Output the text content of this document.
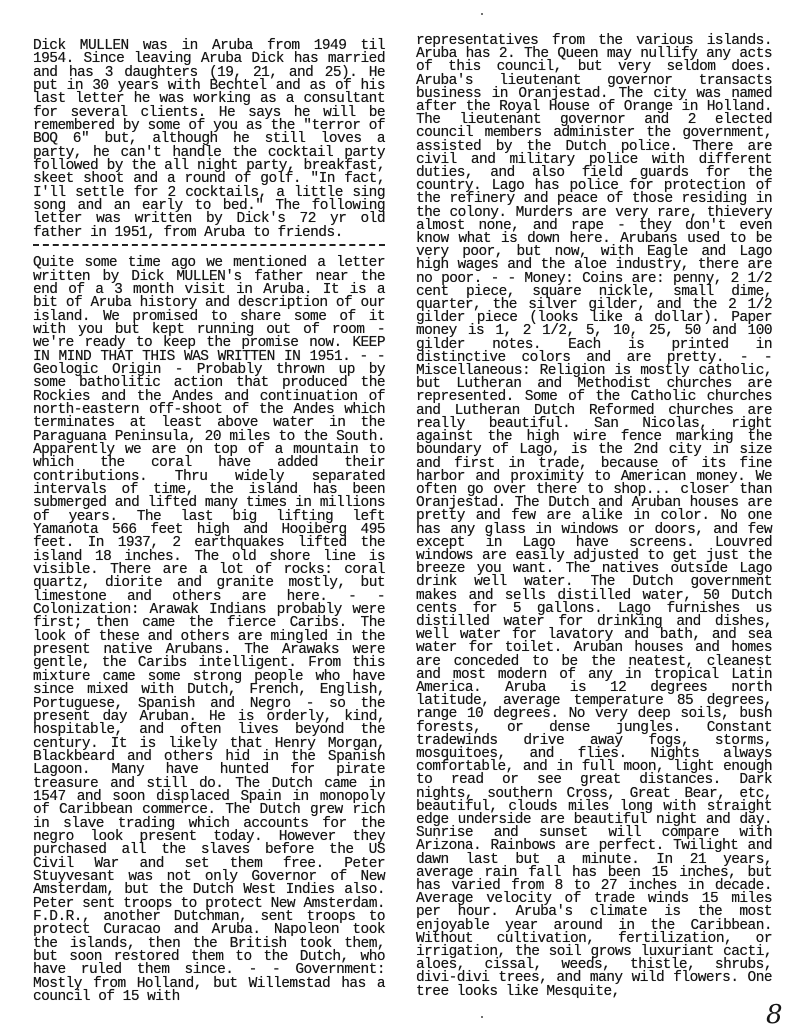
Dick MULLEN was in Aruba from 1949 til 1954. Since leaving Aruba Dick has married and has 3 daughters (19, 21, and 25). He put in 30 years with Bechtel and as of his last letter he was working as a consultant for several clients. He says he will be remembered by some of you as the "terror of BOQ 6" but, although he still loves a party, he can't handle the cocktail party followed by the all night party, breakfast, skeet shoot and a round of golf. "In fact, I'll settle for 2 cocktails, a little sing song and an early to bed." The following letter was written by Dick's 72 yr old father in 1951, from Aruba to friends.

Quite some time ago we mentioned a letter written by Dick MULLEN's father near the end of a 3 month visit in Aruba. It is a bit of Aruba history and description of our island. We promised to share some of it with you but kept running out of room - we're ready to keep the promise now. KEEP IN MIND THAT THIS WAS WRITTEN IN 1951. - - Geologic Origin - Probably thrown up by some batholitic action that produced the Rockies and the Andes and continuation of north-eastern off-shoot of the Andes which terminates at least above water in the Paraguana Peninsula, 20 miles to the South. Apparently we are on top of a mountain to which the coral have added their contributions. Thru widely separated intervals of time, the island has been submerged and lifted many times in millions of years. The last big lifting left Yamanota 566 feet high and Hooiberg 495 feet. In 1937, 2 earthquakes lifted the island 18 inches. The old shore line is visible. There are a lot of rocks: coral quartz, diorite and granite mostly, but limestone and others are here. - - Colonization: Arawak Indians probably were first; then came the fierce Caribs. The look of these and others are mingled in the present native Arubans. The Arawaks were gentle, the Caribs intelligent. From this mixture came some strong people who have since mixed with Dutch, French, English, Portuguese, Spanish and Negro - so the present day Aruban. He is orderly, kind, hospitable, and often lives beyond the century. It is likely that Henry Morgan, Blackbeard and others hid in the Spanish Lagoon. Many have hunted for pirate treasure and still do. The Dutch came in 1547 and soon displaced Spain in monopoly of Caribbean commerce. The Dutch grew rich in slave trading which accounts for the negro look present today. However they purchased all the slaves before the US Civil War and set them free. Peter Stuyvesant was not only Governor of New Amsterdam, but the Dutch West Indies also. Peter sent troops to protect New Amsterdam. F.D.R., another Dutchman, sent troops to protect Curacao and Aruba. Napoleon took the islands, then the British took them, but soon restored them to the Dutch, who have ruled them since. - - Government: Mostly from Holland, but Willemstad has a council of 15 with

representatives from the various islands. Aruba has 2. The Queen may nullify any acts of this council, but very seldom does. Aruba's lieutenant governor transacts business in Oranjestad. The city was named after the Royal House of Orange in Holland. The lieutenant governor and 2 elected council members administer the government, assisted by the Dutch police. There are civil and military police with different duties, and also field guards for the country. Lago has police for protection of the refinery and peace of those residing in the colony. Murders are very rare, thievery almost none, and rape - they don't even know what is down here. Arubans used to be very poor, but now, with Eagle and Lago high wages and the aloe industry, there are no poor. - - Money: Coins are: penny, 2 1/2 cent piece, square nickle, small dime, quarter, the silver gilder, and the 2 1/2 gilder piece (looks like a dollar). Paper money is 1, 2 1/2, 5, 10, 25, 50 and 100 gilder notes. Each is printed in distinctive colors and are pretty. - - Miscellaneous: Religion is mostly catholic, but Lutheran and Methodist churches are represented. Some of the Catholic churches and Lutheran Dutch Reformed churches are really beautiful. San Nicolas, right against the high wire fence marking the boundary of Lago, is the 2nd city in size and first in trade, because of its fine harbor and proximity to American money. We often go over there to shop... closer than Oranjestad. The Dutch and Aruban houses are pretty and few are alike in color. No one has any glass in windows or doors, and few except in Lago have screens. Louvred windows are easily adjusted to get just the breeze you want. The natives outside Lago drink well water. The Dutch government makes and sells distilled water, 50 Dutch cents for 5 gallons. Lago furnishes us distilled water for drinking and dishes, well water for lavatory and bath, and sea water for toilet. Aruban houses and homes are conceded to be the neatest, cleanest and most modern of any in tropical Latin America. Aruba is 12 degrees north latitude, average temperature 85 degrees, range 10 degrees. No very deep soils, bush forests, or dense jungles. Constant tradewinds drive away fogs, storms, mosquitoes, and flies. Nights always comfortable, and in full moon, light enough to read or see great distances. Dark nights, southern Cross, Great Bear, etc, beautiful, clouds miles long with straight edge underside are beautiful night and day. Sunrise and sunset will compare with Arizona. Rainbows are perfect. Twilight and dawn last but a minute. In 21 years, average rain fall has been 15 inches, but has varied from 8 to 27 inches in decade. Average velocity of trade winds 15 miles per hour. Aruba's climate is the most enjoyable year around in the Caribbean. Without cultivation, fertilization, or irrigation, the soil grows luxuriant cacti, aloes, cissal, weeds, thistle, shrubs, divi-divi trees, and many wild flowers. One tree looks like Mesquite,

8
